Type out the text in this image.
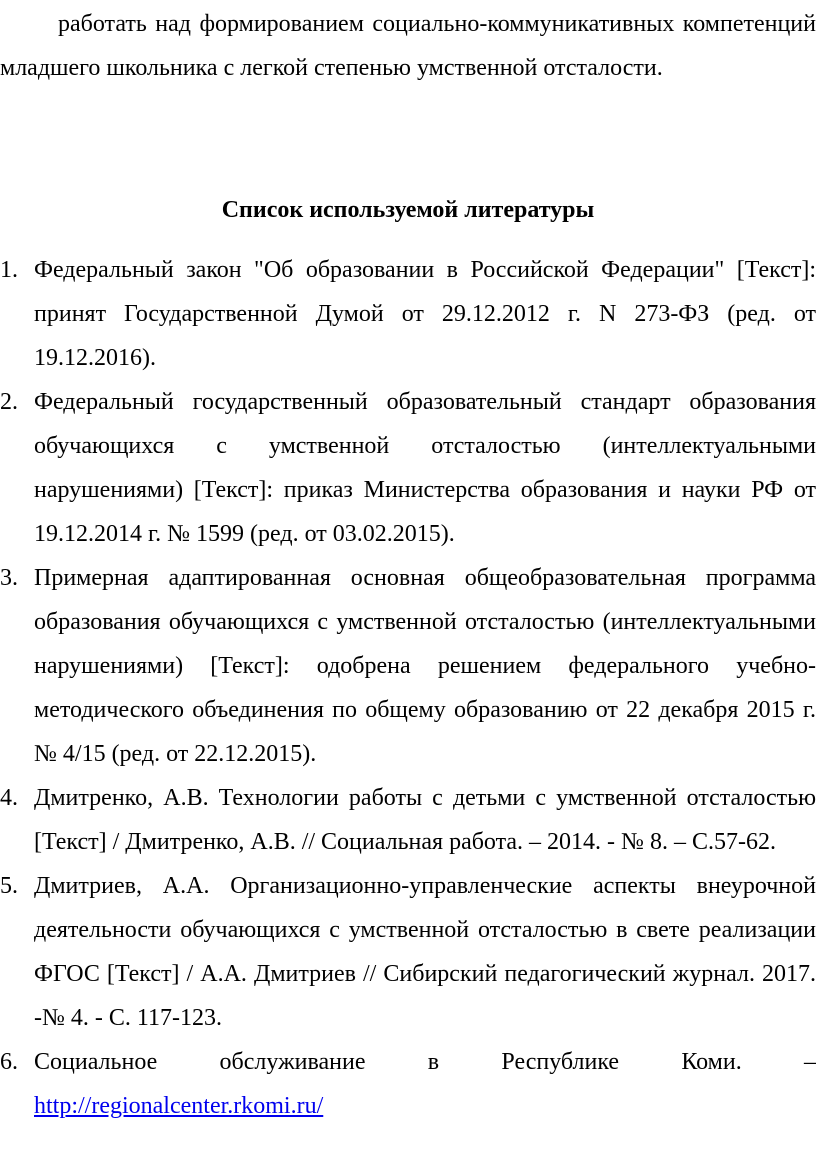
работать над формированием социально-коммуникативных компетенций младшего школьника с легкой степенью умственной отсталости.

Список используемой литературы
1. Федеральный закон "Об образовании в Российской Федерации" [Текст]: принят Государственной Думой от 29.12.2012 г. N 273-ФЗ (ред. от 19.12.2016).
2. Федеральный государственный образовательный стандарт образования обучающихся с умственной отсталостью (интеллектуальными нарушениями) [Текст]: приказ Министерства образования и науки РФ от 19.12.2014 г. № 1599 (ред. от 03.02.2015).
3. Примерная адаптированная основная общеобразовательная программа образования обучающихся с умственной отсталостью (интеллектуальными нарушениями) [Текст]: одобрена решением федерального учебно-методического объединения по общему образованию от 22 декабря 2015 г. № 4/15 (ред. от 22.12.2015).
4. Дмитренко, А.В. Технологии работы с детьми с умственной отсталостью [Текст] / Дмитренко, А.В. // Социальная работа. – 2014. - № 8. – С.57-62.
5. Дмитриев, А.А. Организационно-управленческие аспекты внеурочной деятельности обучающихся с умственной отсталостью в свете реализации ФГОС [Текст] / А.А. Дмитриев // Сибирский педагогический журнал. 2017. -№ 4. - С. 117-123.
6. Социальное обслуживание в Республике Коми. – http://regionalcenter.rkomi.ru/
